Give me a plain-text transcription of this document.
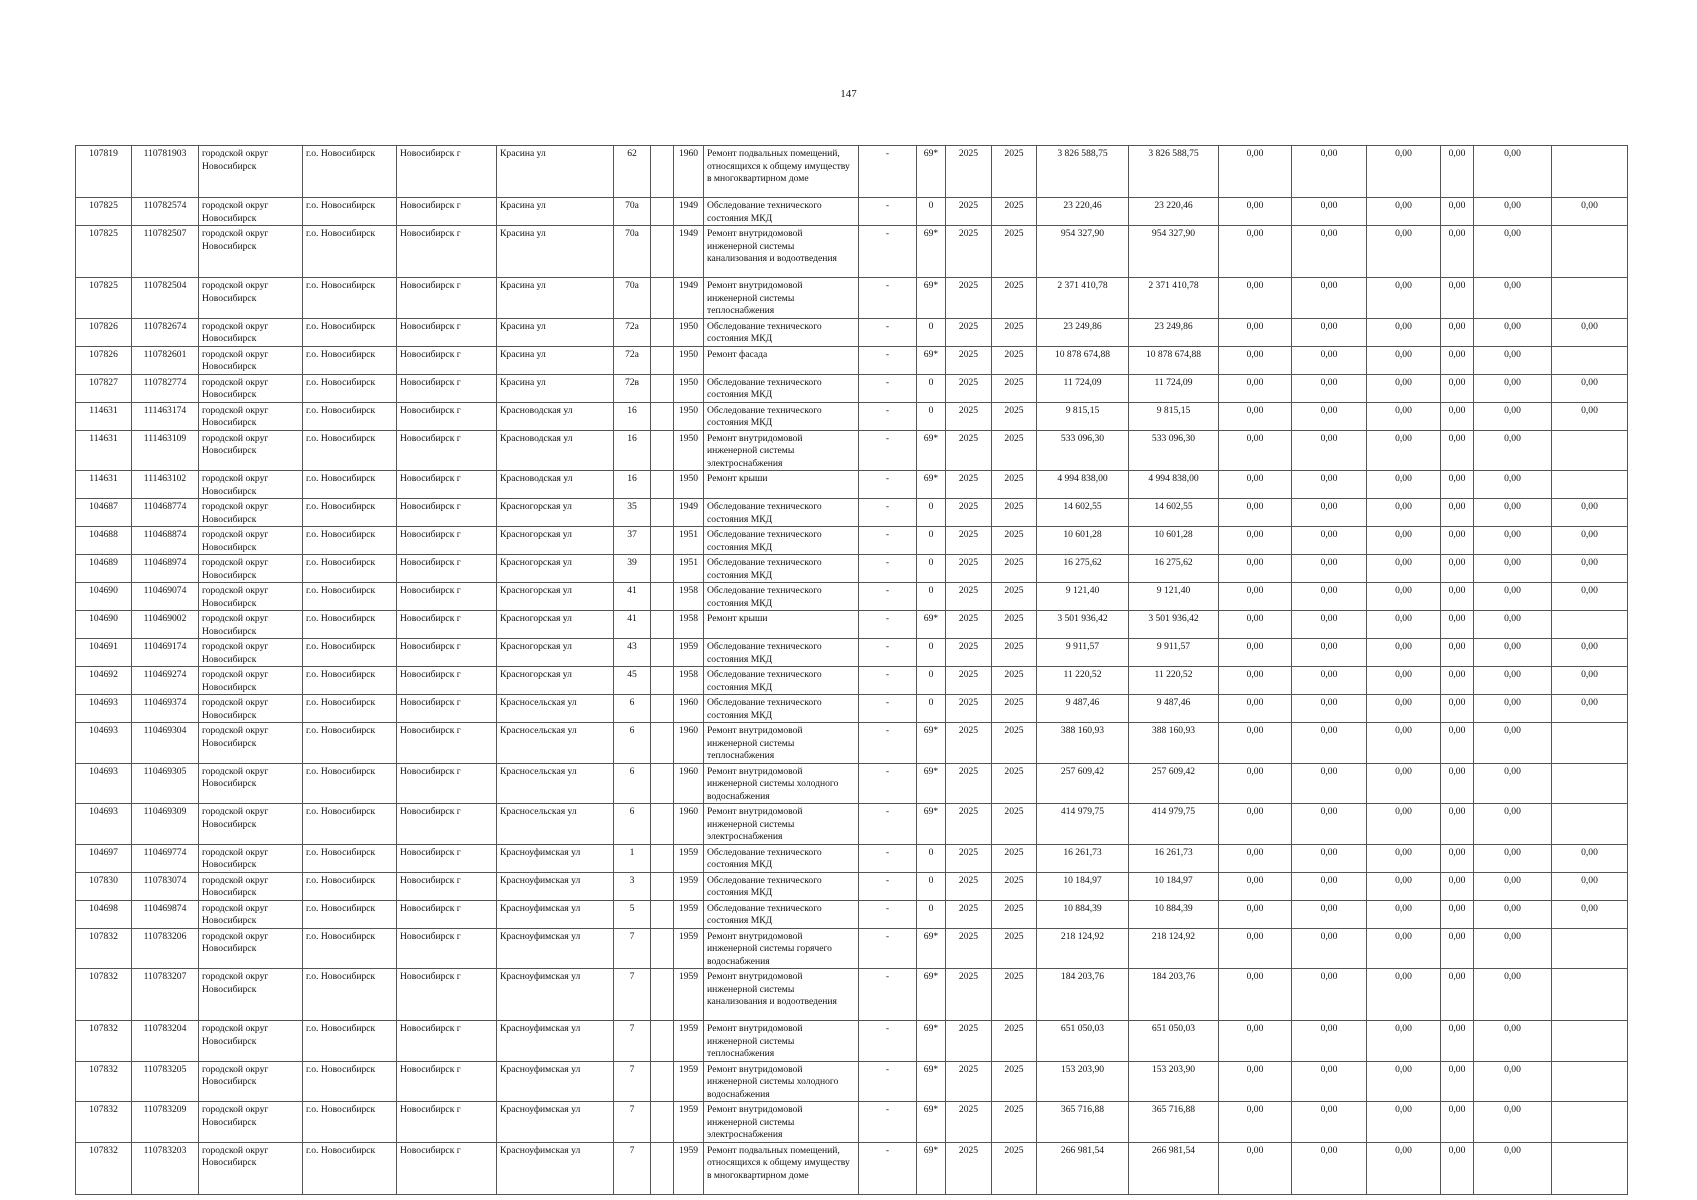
147
107819	110781903	городской округ Новосибирск	г.о. Новосибирск	Новосибирск г	Красина ул	62		1960	Ремонт подвальных помещений, относящихся к общему имуществу в многоквартирном доме	-	69*	2025	2025	3 826 588,75	3 826 588,75	0,00	0,00	0,00	0,00	0,00	
107825	110782574	городской округ Новосибирск	г.о. Новосибирск	Новосибирск г	Красина ул	70а		1949	Обследование технического состояния МКД	-	0	2025	2025	23 220,46	23 220,46	0,00	0,00	0,00	0,00	0,00	0,00
107825	110782507	городской округ Новосибирск	г.о. Новосибирск	Новосибирск г	Красина ул	70а		1949	Ремонт внутридомовой инженерной системы канализования и водоотведения	-	69*	2025	2025	954 327,90	954 327,90	0,00	0,00	0,00	0,00	0,00	
107825	110782504	городской округ Новосибирск	г.о. Новосибирск	Новосибирск г	Красина ул	70а		1949	Ремонт внутридомовой инженерной системы теплоснабжения	-	69*	2025	2025	2 371 410,78	2 371 410,78	0,00	0,00	0,00	0,00	0,00	
107826	110782674	городской округ Новосибирск	г.о. Новосибирск	Новосибирск г	Красина ул	72а		1950	Обследование технического состояния МКД	-	0	2025	2025	23 249,86	23 249,86	0,00	0,00	0,00	0,00	0,00	0,00
107826	110782601	городской округ Новосибирск	г.о. Новосибирск	Новосибирск г	Красина ул	72а		1950	Ремонт фасада	-	69*	2025	2025	10 878 674,88	10 878 674,88	0,00	0,00	0,00	0,00	0,00	
107827	110782774	городской округ Новосибирск	г.о. Новосибирск	Новосибирск г	Красина ул	72в		1950	Обследование технического состояния МКД	-	0	2025	2025	11 724,09	11 724,09	0,00	0,00	0,00	0,00	0,00	0,00
114631	111463174	городской округ Новосибирск	г.о. Новосибирск	Новосибирск г	Красноводская ул	16		1950	Обследование технического состояния МКД	-	0	2025	2025	9 815,15	9 815,15	0,00	0,00	0,00	0,00	0,00	0,00
114631	111463109	городской округ Новосибирск	г.о. Новосибирск	Новосибирск г	Красноводская ул	16		1950	Ремонт внутридомовой инженерной системы электроснабжения	-	69*	2025	2025	533 096,30	533 096,30	0,00	0,00	0,00	0,00	0,00	
114631	111463102	городской округ Новосибирск	г.о. Новосибирск	Новосибирск г	Красноводская ул	16		1950	Ремонт крыши	-	69*	2025	2025	4 994 838,00	4 994 838,00	0,00	0,00	0,00	0,00	0,00	
104687	110468774	городской округ Новосибирск	г.о. Новосибирск	Новосибирск г	Красногорская ул	35		1949	Обследование технического состояния МКД	-	0	2025	2025	14 602,55	14 602,55	0,00	0,00	0,00	0,00	0,00	0,00
104688	110468874	городской округ Новосибирск	г.о. Новосибирск	Новосибирск г	Красногорская ул	37		1951	Обследование технического состояния МКД	-	0	2025	2025	10 601,28	10 601,28	0,00	0,00	0,00	0,00	0,00	0,00
104689	110468974	городской округ Новосибирск	г.о. Новосибирск	Новосибирск г	Красногорская ул	39		1951	Обследование технического состояния МКД	-	0	2025	2025	16 275,62	16 275,62	0,00	0,00	0,00	0,00	0,00	0,00
104690	110469074	городской округ Новосибирск	г.о. Новосибирск	Новосибирск г	Красногорская ул	41		1958	Обследование технического состояния МКД	-	0	2025	2025	9 121,40	9 121,40	0,00	0,00	0,00	0,00	0,00	0,00
104690	110469002	городской округ Новосибирск	г.о. Новосибирск	Новосибирск г	Красногорская ул	41		1958	Ремонт крыши	-	69*	2025	2025	3 501 936,42	3 501 936,42	0,00	0,00	0,00	0,00	0,00	
104691	110469174	городской округ Новосибирск	г.о. Новосибирск	Новосибирск г	Красногорская ул	43		1959	Обследование технического состояния МКД	-	0	2025	2025	9 911,57	9 911,57	0,00	0,00	0,00	0,00	0,00	0,00
104692	110469274	городской округ Новосибирск	г.о. Новосибирск	Новосибирск г	Красногорская ул	45		1958	Обследование технического состояния МКД	-	0	2025	2025	11 220,52	11 220,52	0,00	0,00	0,00	0,00	0,00	0,00
104693	110469374	городской округ Новосибирск	г.о. Новосибирск	Новосибирск г	Красносельская ул	6		1960	Обследование технического состояния МКД	-	0	2025	2025	9 487,46	9 487,46	0,00	0,00	0,00	0,00	0,00	0,00
104693	110469304	городской округ Новосибирск	г.о. Новосибирск	Новосибирск г	Красносельская ул	6		1960	Ремонт внутридомовой инженерной системы теплоснабжения	-	69*	2025	2025	388 160,93	388 160,93	0,00	0,00	0,00	0,00	0,00	
104693	110469305	городской округ Новосибирск	г.о. Новосибирск	Новосибирск г	Красносельская ул	6		1960	Ремонт внутридомовой инженерной системы холодного водоснабжения	-	69*	2025	2025	257 609,42	257 609,42	0,00	0,00	0,00	0,00	0,00	
104693	110469309	городской округ Новосибирск	г.о. Новосибирск	Новосибирск г	Красносельская ул	6		1960	Ремонт внутридомовой инженерной системы электроснабжения	-	69*	2025	2025	414 979,75	414 979,75	0,00	0,00	0,00	0,00	0,00	
104697	110469774	городской округ Новосибирск	г.о. Новосибирск	Новосибирск г	Красноуфимская ул	1		1959	Обследование технического состояния МКД	-	0	2025	2025	16 261,73	16 261,73	0,00	0,00	0,00	0,00	0,00	0,00
107830	110783074	городской округ Новосибирск	г.о. Новосибирск	Новосибирск г	Красноуфимская ул	3		1959	Обследование технического состояния МКД	-	0	2025	2025	10 184,97	10 184,97	0,00	0,00	0,00	0,00	0,00	0,00
104698	110469874	городской округ Новосибирск	г.о. Новосибирск	Новосибирск г	Красноуфимская ул	5		1959	Обследование технического состояния МКД	-	0	2025	2025	10 884,39	10 884,39	0,00	0,00	0,00	0,00	0,00	0,00
107832	110783206	городской округ Новосибирск	г.о. Новосибирск	Новосибирск г	Красноуфимская ул	7		1959	Ремонт внутридомовой инженерной системы горячего водоснабжения	-	69*	2025	2025	218 124,92	218 124,92	0,00	0,00	0,00	0,00	0,00	
107832	110783207	городской округ Новосибирск	г.о. Новосибирск	Новосибирск г	Красноуфимская ул	7		1959	Ремонт внутридомовой инженерной системы канализования и водоотведения	-	69*	2025	2025	184 203,76	184 203,76	0,00	0,00	0,00	0,00	0,00	
107832	110783204	городской округ Новосибирск	г.о. Новосибирск	Новосибирск г	Красноуфимская ул	7		1959	Ремонт внутридомовой инженерной системы теплоснабжения	-	69*	2025	2025	651 050,03	651 050,03	0,00	0,00	0,00	0,00	0,00	
107832	110783205	городской округ Новосибирск	г.о. Новосибирск	Новосибирск г	Красноуфимская ул	7		1959	Ремонт внутридомовой инженерной системы холодного водоснабжения	-	69*	2025	2025	153 203,90	153 203,90	0,00	0,00	0,00	0,00	0,00	
107832	110783209	городской округ Новосибирск	г.о. Новосибирск	Новосибирск г	Красноуфимская ул	7		1959	Ремонт внутридомовой инженерной системы электроснабжения	-	69*	2025	2025	365 716,88	365 716,88	0,00	0,00	0,00	0,00	0,00	
107832	110783203	городской округ Новосибирск	г.о. Новосибирск	Новосибирск г	Красноуфимская ул	7		1959	Ремонт подвальных помещений, относящихся к общему имуществу в многоквартирном доме	-	69*	2025	2025	266 981,54	266 981,54	0,00	0,00	0,00	0,00	0,00	
